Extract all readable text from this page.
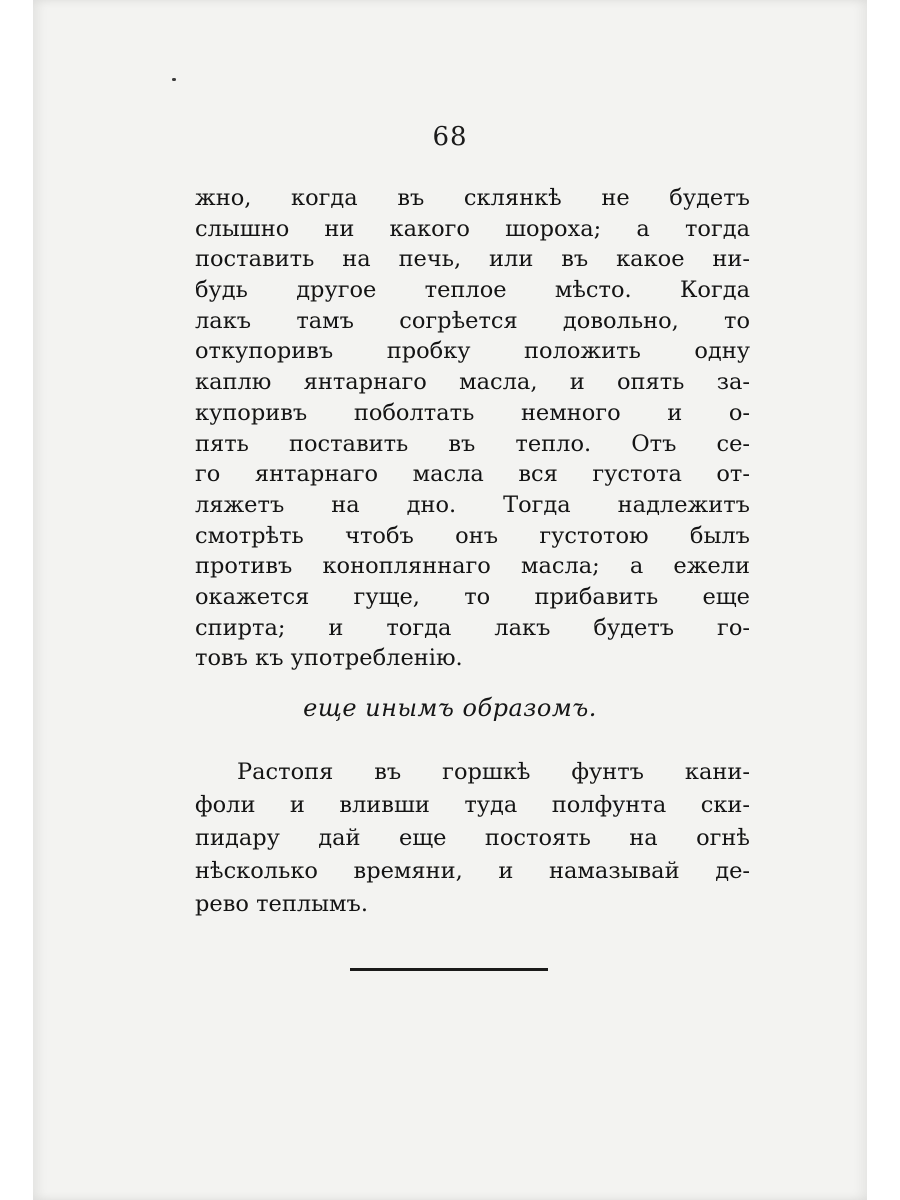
68
жно, когда въ склянкѣ не будетъ
слышно ни какого шороха; а тогда
поставить на печь, или въ какое ни-
будь другое теплое мѣсто. Когда
лакъ тамъ согрѣется довольно, то
откупоривъ пробку положить одну
каплю янтарнаго масла, и опять за-
купоривъ поболтать немного и о-
пять поставить въ тепло. Отъ се-
го янтарнаго масла вся густота от-
ляжетъ на дно. Тогда надлежитъ
смотрѣть чтобъ онъ густотою былъ
противъ конопляннаго масла; а ежели
окажется гуще, то прибавить еще
спирта; и тогда лакъ будетъ го-
товъ къ употребленію.
еще инымъ образомъ.
Растопя въ горшкѣ фунтъ кани-
фоли и вливши туда полфунта ски-
пидару дай еще постоять на огнѣ
нѣсколько времяни, и намазывай де-
рево теплымъ.
